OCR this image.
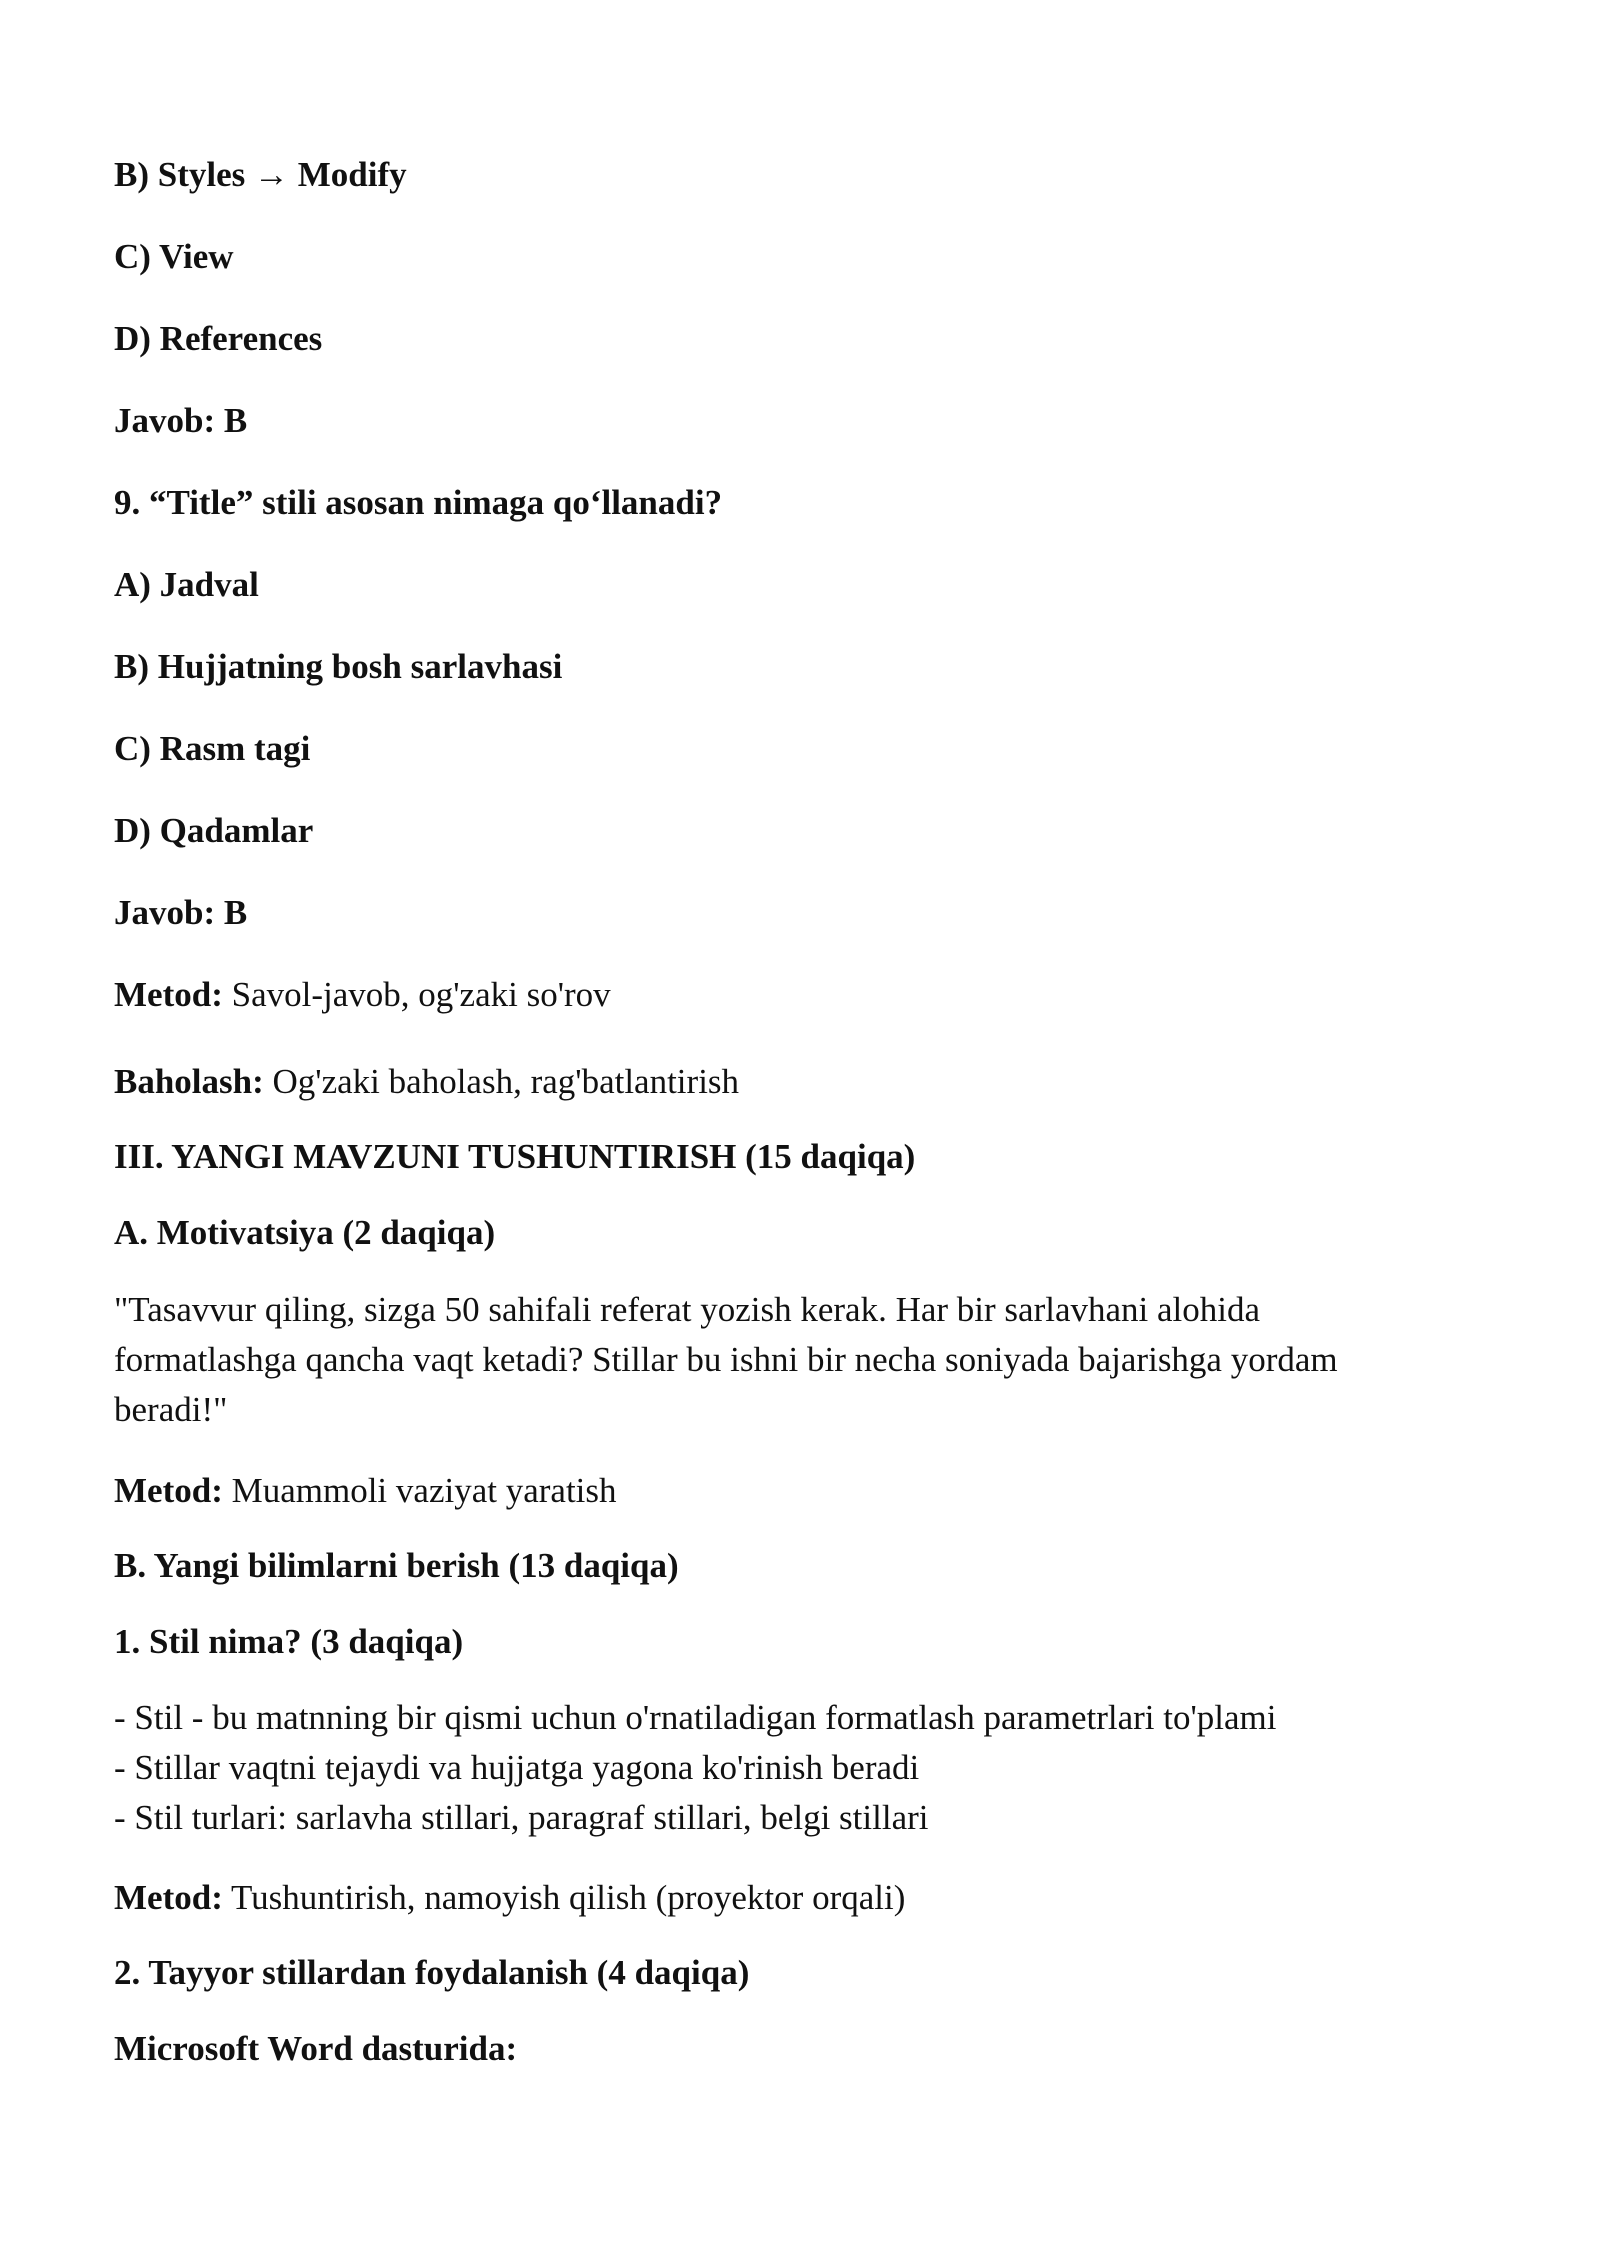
B) Styles → Modify
C) View
D) References
Javob: B
9. “Title” stili asosan nimaga qo‘llanadi?
A) Jadval
B) Hujjatning bosh sarlavhasi
C) Rasm tagi
D) Qadamlar
Javob: B
Metod: Savol-javob, og'zaki so'rov
Baholash: Og'zaki baholash, rag'batlantirish
III. YANGI MAVZUNI TUSHUNTIRISH (15 daqiqa)
A. Motivatsiya (2 daqiqa)
"Tasavvur qiling, sizga 50 sahifali referat yozish kerak. Har bir sarlavhani alohida
formatlashga qancha vaqt ketadi? Stillar bu ishni bir necha soniyada bajarishga yordam
beradi!"
Metod: Muammoli vaziyat yaratish
B. Yangi bilimlarni berish (13 daqiqa)
1. Stil nima? (3 daqiqa)
- Stil - bu matnning bir qismi uchun o'rnatiladigan formatlash parametrlari to'plami
- Stillar vaqtni tejaydi va hujjatga yagona ko'rinish beradi
- Stil turlari: sarlavha stillari, paragraf stillari, belgi stillari
Metod: Tushuntirish, namoyish qilish (proyektor orqali)
2. Tayyor stillardan foydalanish (4 daqiqa)
Microsoft Word dasturida:
